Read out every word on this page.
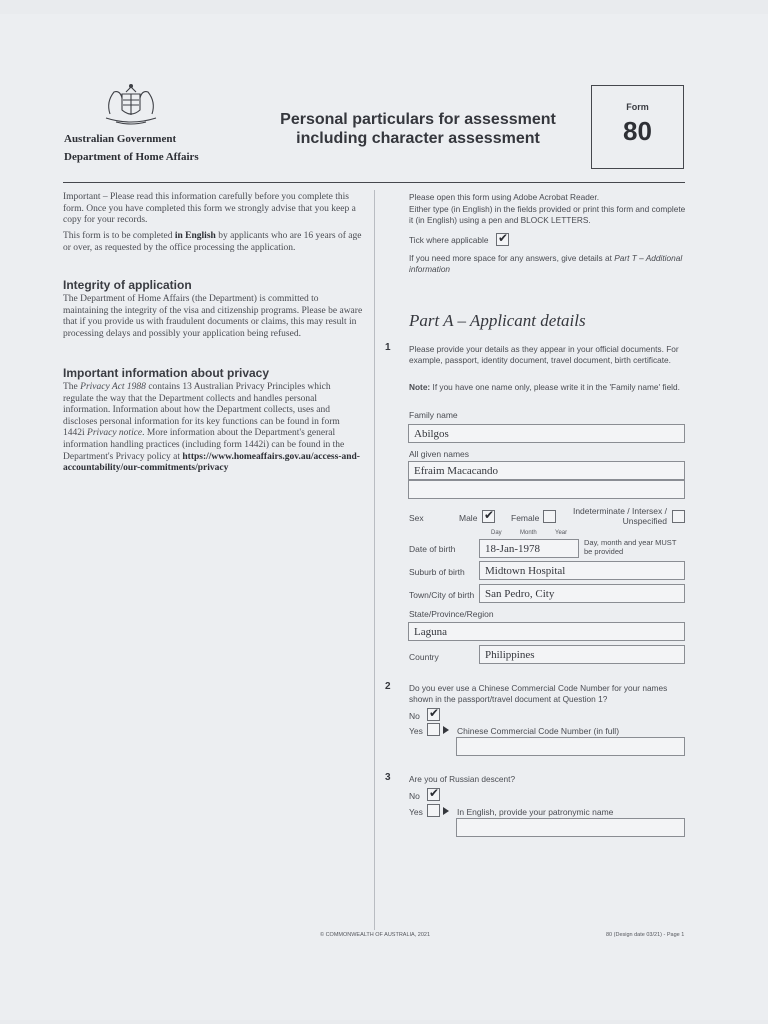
Australian Government
Department of Home Affairs
Personal particulars for assessment
including character assessment
Form
80
Important – Please read this information carefully before you complete this form. Once you have completed this form we strongly advise that you keep a copy for your records.
This form is to be completed in English by applicants who are 16 years of age or over, as requested by the office processing the application.
Integrity of application
The Department of Home Affairs (the Department) is committed to maintaining the integrity of the visa and citizenship programs. Please be aware that if you provide us with fraudulent documents or claims, this may result in processing delays and possibly your application being refused.
Important information about privacy
The Privacy Act 1988 contains 13 Australian Privacy Principles which regulate the way that the Department collects and handles personal information. Information about how the Department collects, uses and discloses personal information for its key functions can be found in form 1442i Privacy notice. More information about the Department's general information handling practices (including form 1442i) can be found in the Department's Privacy policy at https://www.homeaffairs.gov.au/access-and-accountability/our-commitments/privacy
Please open this form using Adobe Acrobat Reader.
Either type (in English) in the fields provided or print this form and complete it (in English) using a pen and BLOCK LETTERS.
Tick where applicable ✔
If you need more space for any answers, give details at Part T – Additional information
Part A – Applicant details
1 Please provide your details as they appear in your official documents. For example, passport, identity document, travel document, birth certificate.
Note: If you have one name only, please write it in the 'Family name' field.
Family name
Abilgos
All given names
Efraim Macacando
Sex	Male ✔ Female
Indeterminate / Intersex / Unspecified
Day	Month	Year
Date of birth	18-Jan-1978
Day, month and year MUST be provided
Suburb of birth	Midtown Hospital
Town/City of birth San Pedro, City
State/Province/Region
Laguna
Country	Philippines
2 Do you ever use a Chinese Commercial Code Number for your names shown in the passport/travel document at Question 1?
No ✔
Yes	Chinese Commercial Code Number (in full)
3 Are you of Russian descent?
No ✔
Yes	In English, provide your patronymic name
© COMMONWEALTH OF AUSTRALIA, 2021	80 (Design date 03/21) - Page 1
